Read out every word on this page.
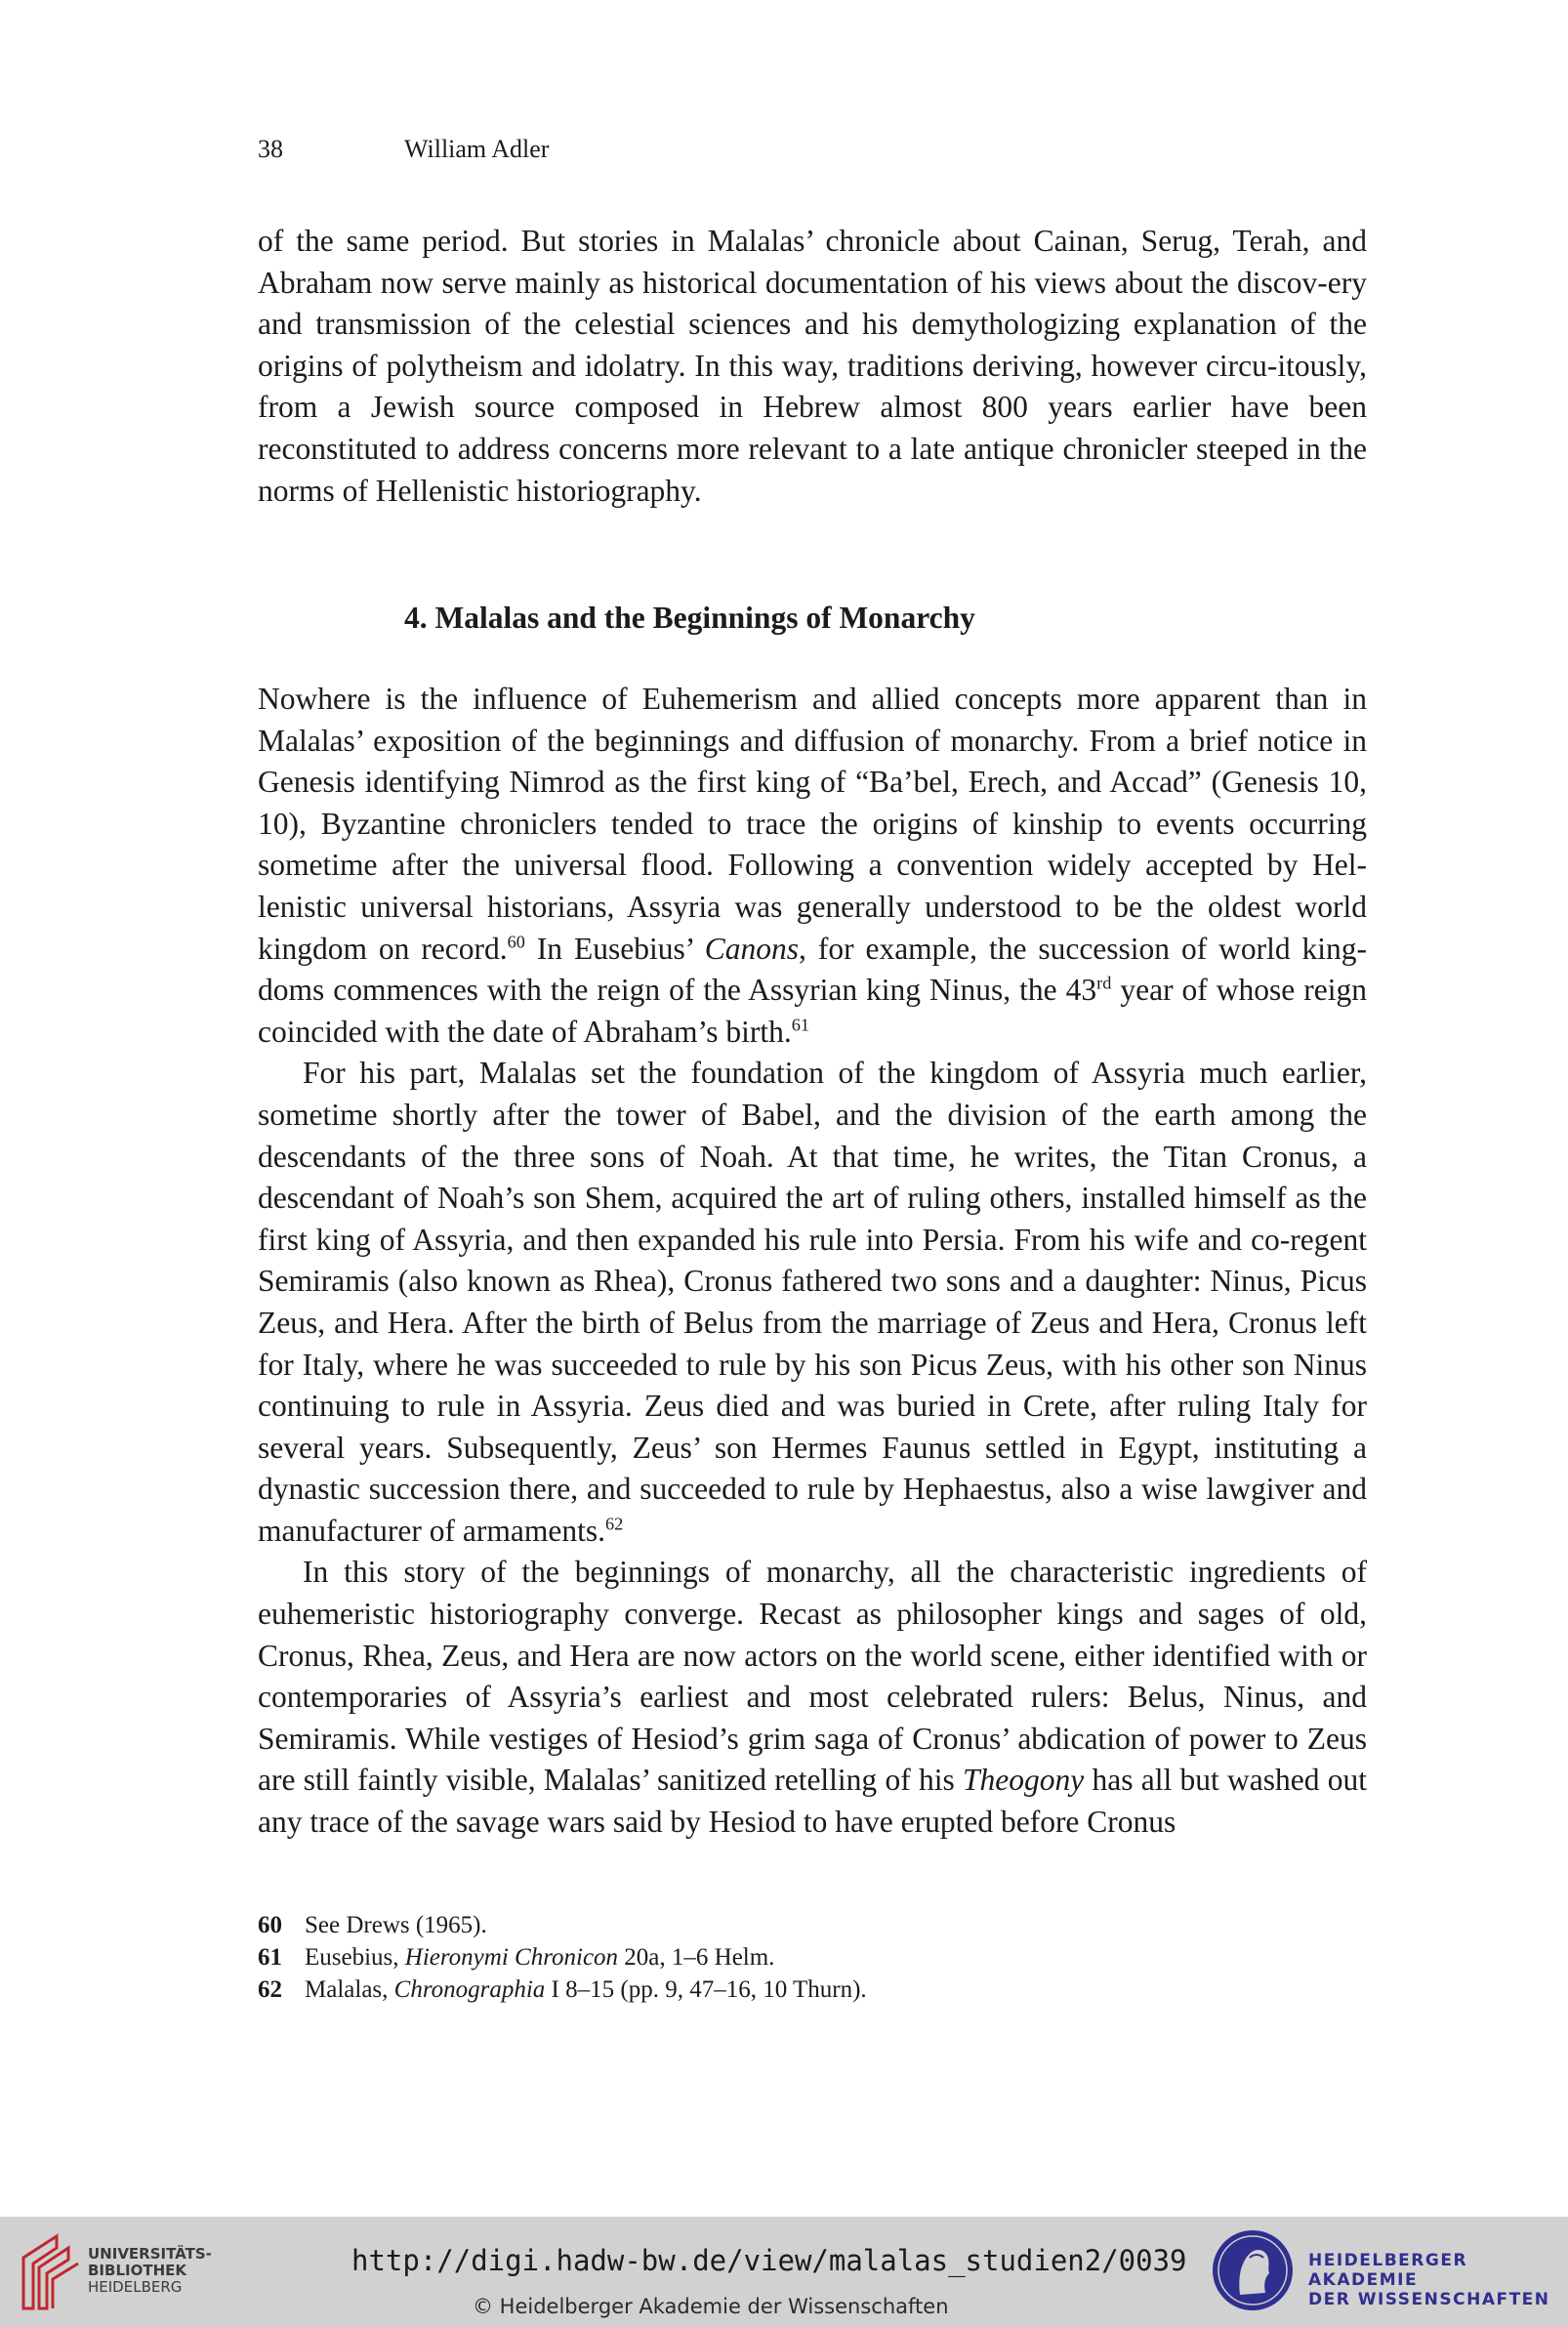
38	William Adler

of the same period. But stories in Malalas’ chronicle about Cainan, Serug, Terah, and Abraham now serve mainly as historical documentation of his views about the discov-ery and transmission of the celestial sciences and his demythologizing explanation of the origins of polytheism and idolatry. In this way, traditions deriving, however circu-itously, from a Jewish source composed in Hebrew almost 800 years earlier have been reconstituted to address concerns more relevant to a late antique chronicler steeped in the norms of Hellenistic historiography.

4. Malalas and the Beginnings of Monarchy

Nowhere is the influence of Euhemerism and allied concepts more apparent than in Malalas’ exposition of the beginnings and diffusion of monarchy. From a brief notice in Genesis identifying Nimrod as the first king of “Ba’bel, Erech, and Accad” (Genesis 10, 10), Byzantine chroniclers tended to trace the origins of kinship to events occurring sometime after the universal flood. Following a convention widely accepted by Hel-lenistic universal historians, Assyria was generally understood to be the oldest world kingdom on record.$^{60}$ In Eusebius’ Canons, for example, the succession of world king-doms commences with the reign of the Assyrian king Ninus, the 43rd year of whose reign coincided with the date of Abraham’s birth.$^{61}$

For his part, Malalas set the foundation of the kingdom of Assyria much earlier, sometime shortly after the tower of Babel, and the division of the earth among the descendants of the three sons of Noah. At that time, he writes, the Titan Cronus, a descendant of Noah’s son Shem, acquired the art of ruling others, installed himself as the first king of Assyria, and then expanded his rule into Persia. From his wife and co-regent Semiramis (also known as Rhea), Cronus fathered two sons and a daughter: Ninus, Picus Zeus, and Hera. After the birth of Belus from the marriage of Zeus and Hera, Cronus left for Italy, where he was succeeded to rule by his son Picus Zeus, with his other son Ninus continuing to rule in Assyria. Zeus died and was buried in Crete, after ruling Italy for several years. Subsequently, Zeus’ son Hermes Faunus settled in Egypt, instituting a dynastic succession there, and succeeded to rule by Hephaestus, also a wise lawgiver and manufacturer of armaments.$^{62}$

In this story of the beginnings of monarchy, all the characteristic ingredients of euhemeristic historiography converge. Recast as philosopher kings and sages of old, Cronus, Rhea, Zeus, and Hera are now actors on the world scene, either identified with or contemporaries of Assyria’s earliest and most celebrated rulers: Belus, Ninus, and Semiramis. While vestiges of Hesiod’s grim saga of Cronus’ abdication of power to Zeus are still faintly visible, Malalas’ sanitized retelling of his Theogony has all but washed out any trace of the savage wars said by Hesiod to have erupted before Cronus

60 See Drews (1965).
61 Eusebius, Hieronymi Chronicon 20a, 1–6 Helm.
62 Malalas, Chronographia I 8–15 (pp. 9, 47–16, 10 Thurn).
UNIVERSITÄTS-
BIBLIOTHEK
HEIDELBERG
http://digi.hadw-bw.de/view/malalas_studien2/0039
© Heidelberger Akademie der Wissenschaften
HEIDELBERGER AKADEMIE
DER WISSENSCHAFTEN
